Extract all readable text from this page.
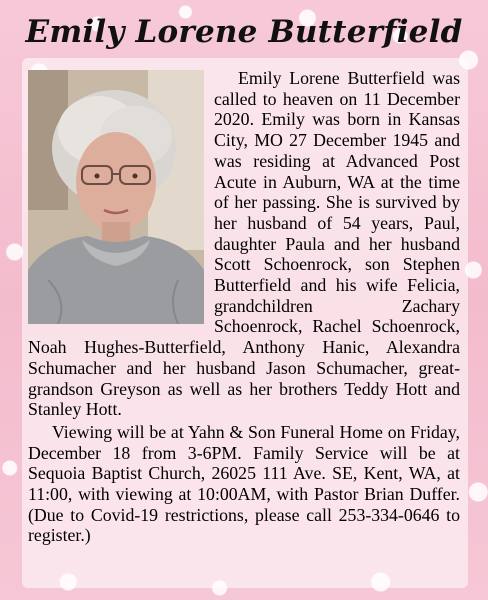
Emily Lorene Butterfield

Emily Lorene Butterfield was called to heaven on 11 December 2020. Emily was born in Kansas City, MO 27 December 1945 and was residing at Advanced Post Acute in Auburn, WA at the time of her passing. She is survived by her husband of 54 years, Paul, daughter Paula and her husband Scott Schoenrock, son Stephen Butterfield and his wife Felicia, grandchildren Zachary Schoenrock, Rachel Schoenrock, Noah Hughes-Butterfield, Anthony Hanic, Alexandra Schumacher and her husband Jason Schumacher, great-grandson Greyson as well as her brothers Teddy Hott and Stanley Hott.

Viewing will be at Yahn & Son Funeral Home on Friday, December 18 from 3-6PM. Family Service will be at Sequoia Baptist Church, 26025 111 Ave. SE, Kent, WA, at 11:00, with viewing at 10:00AM, with Pastor Brian Duffer. (Due to Covid-19 restrictions, please call 253-334-0646 to register.)
